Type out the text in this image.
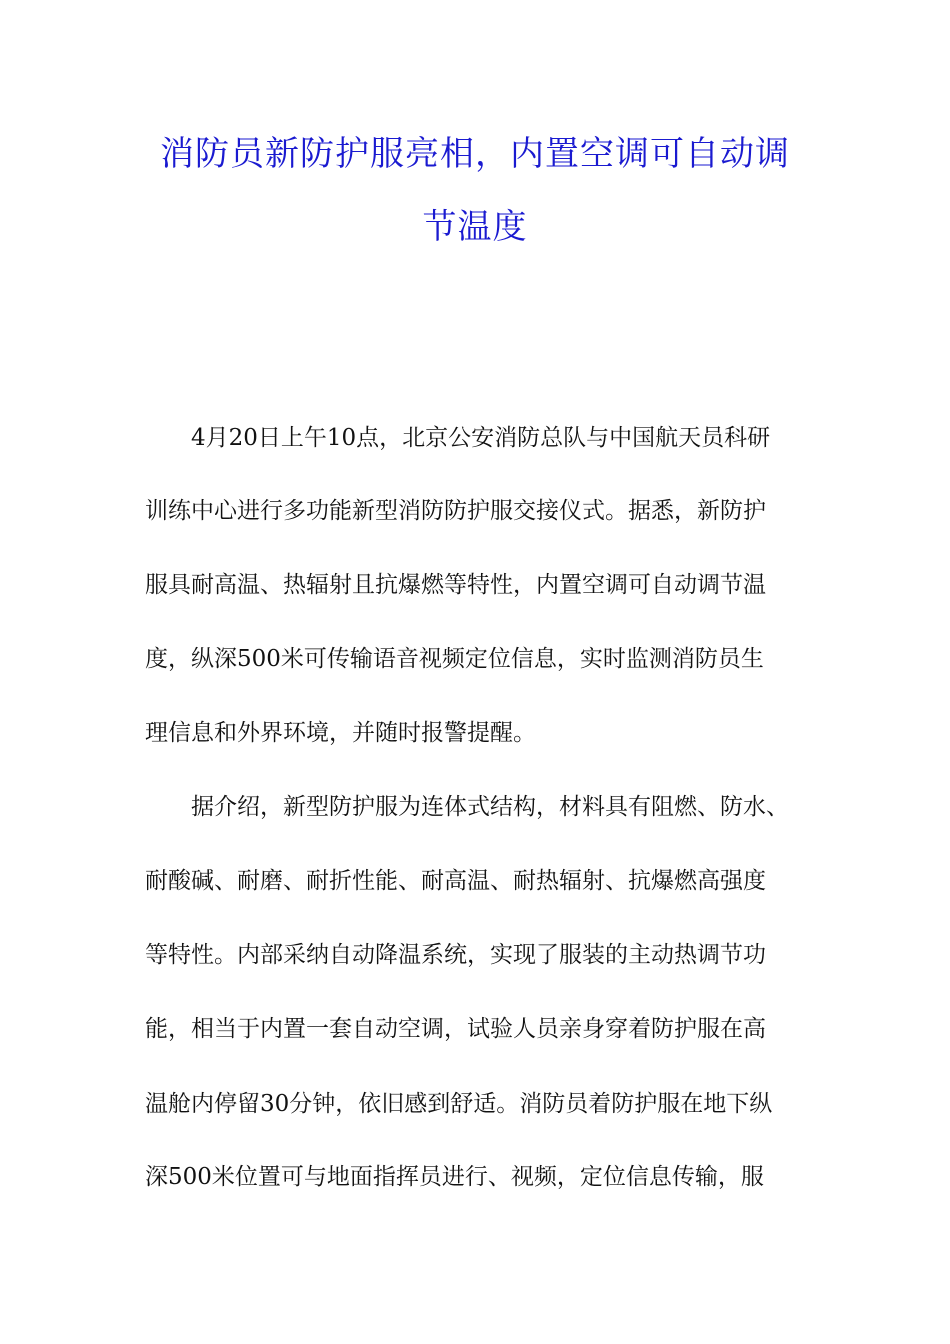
消防员新防护服亮相，内置空调可自动调
节温度
4月20日上午10点，北京公安消防总队与中国航天员科研
训练中心进行多功能新型消防防护服交接仪式。据悉，新防护
服具耐高温、热辐射且抗爆燃等特性，内置空调可自动调节温
度，纵深500米可传输语音视频定位信息，实时监测消防员生
理信息和外界环境，并随时报警提醒。
据介绍，新型防护服为连体式结构，材料具有阻燃、防水、
耐酸碱、耐磨、耐折性能、耐高温、耐热辐射、抗爆燃高强度
等特性。内部采纳自动降温系统，实现了服装的主动热调节功
能，相当于内置一套自动空调，试验人员亲身穿着防护服在高
温舱内停留30分钟，依旧感到舒适。消防员着防护服在地下纵
深500米位置可与地面指挥员进行、视频，定位信息传输，服
